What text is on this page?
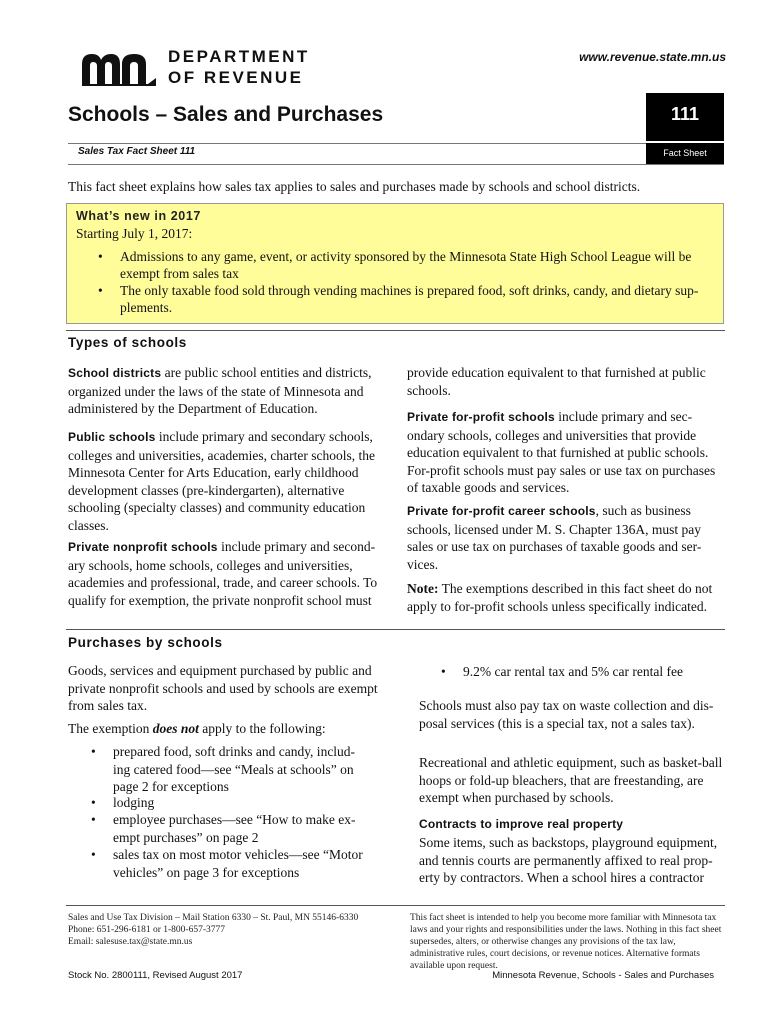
DEPARTMENT
OF REVENUE
www.revenue.state.mn.us
Schools – Sales and Purchases	111
Sales Tax Fact Sheet 111	Fact Sheet
This fact sheet explains how sales tax applies to sales and purchases made by schools and school districts.
What’s new in 2017
Starting July 1, 2017:
• Admissions to any game, event, or activity sponsored by the Minnesota State High School League will be exempt from sales tax
• The only taxable food sold through vending machines is prepared food, soft drinks, candy, and dietary sup-plements.
Types of schools
School districts are public school entities and districts, organized under the laws of the state of Minnesota and administered by the Department of Education.
Public schools include primary and secondary schools, colleges and universities, academies, charter schools, the Minnesota Center for Arts Education, early childhood development classes (pre-kindergarten), alternative schooling (specialty classes) and community education classes.
Private nonprofit schools include primary and second-ary schools, home schools, colleges and universities, academies and professional, trade, and career schools. To qualify for exemption, the private nonprofit school must
provide education equivalent to that furnished at public schools.
Private for-profit schools include primary and sec-ondary schools, colleges and universities that provide education equivalent to that furnished at public schools. For-profit schools must pay sales or use tax on purchases of taxable goods and services.
Private for-profit career schools, such as business schools, licensed under M. S. Chapter 136A, must pay sales or use tax on purchases of taxable goods and ser-vices.
Note: The exemptions described in this fact sheet do not apply to for-profit schools unless specifically indicated.
Purchases by schools
Goods, services and equipment purchased by public and private nonprofit schools and used by schools are exempt from sales tax.
The exemption does not apply to the following:
• prepared food, soft drinks and candy, includ-ing catered food—see “Meals at schools” on page 2 for exceptions
• lodging
• employee purchases—see “How to make ex-empt purchases” on page 2
• sales tax on most motor vehicles—see “Motor vehicles” on page 3 for exceptions
• 9.2% car rental tax and 5% car rental fee
Schools must also pay tax on waste collection and dis-posal services (this is a special tax, not a sales tax).
Recreational and athletic equipment, such as basket-ball hoops or fold-up bleachers, that are freestanding, are exempt when purchased by schools.
Contracts to improve real property
Some items, such as backstops, playground equipment, and tennis courts are permanently affixed to real prop-erty by contractors. When a school hires a contractor
Sales and Use Tax Division – Mail Station 6330 – St. Paul, MN 55146-6330
Phone: 651-296-6181 or 1-800-657-3777
Email: salesuse.tax@state.mn.us
This fact sheet is intended to help you become more familiar with Minnesota tax laws and your rights and responsibilities under the laws. Nothing in this fact sheet supersedes, alters, or otherwise changes any provisions of the tax law, administrative rules, court decisions, or revenue notices. Alternative formats available upon request.
Stock No. 2800111, Revised August 2017	Minnesota Revenue, Schools - Sales and Purchases
